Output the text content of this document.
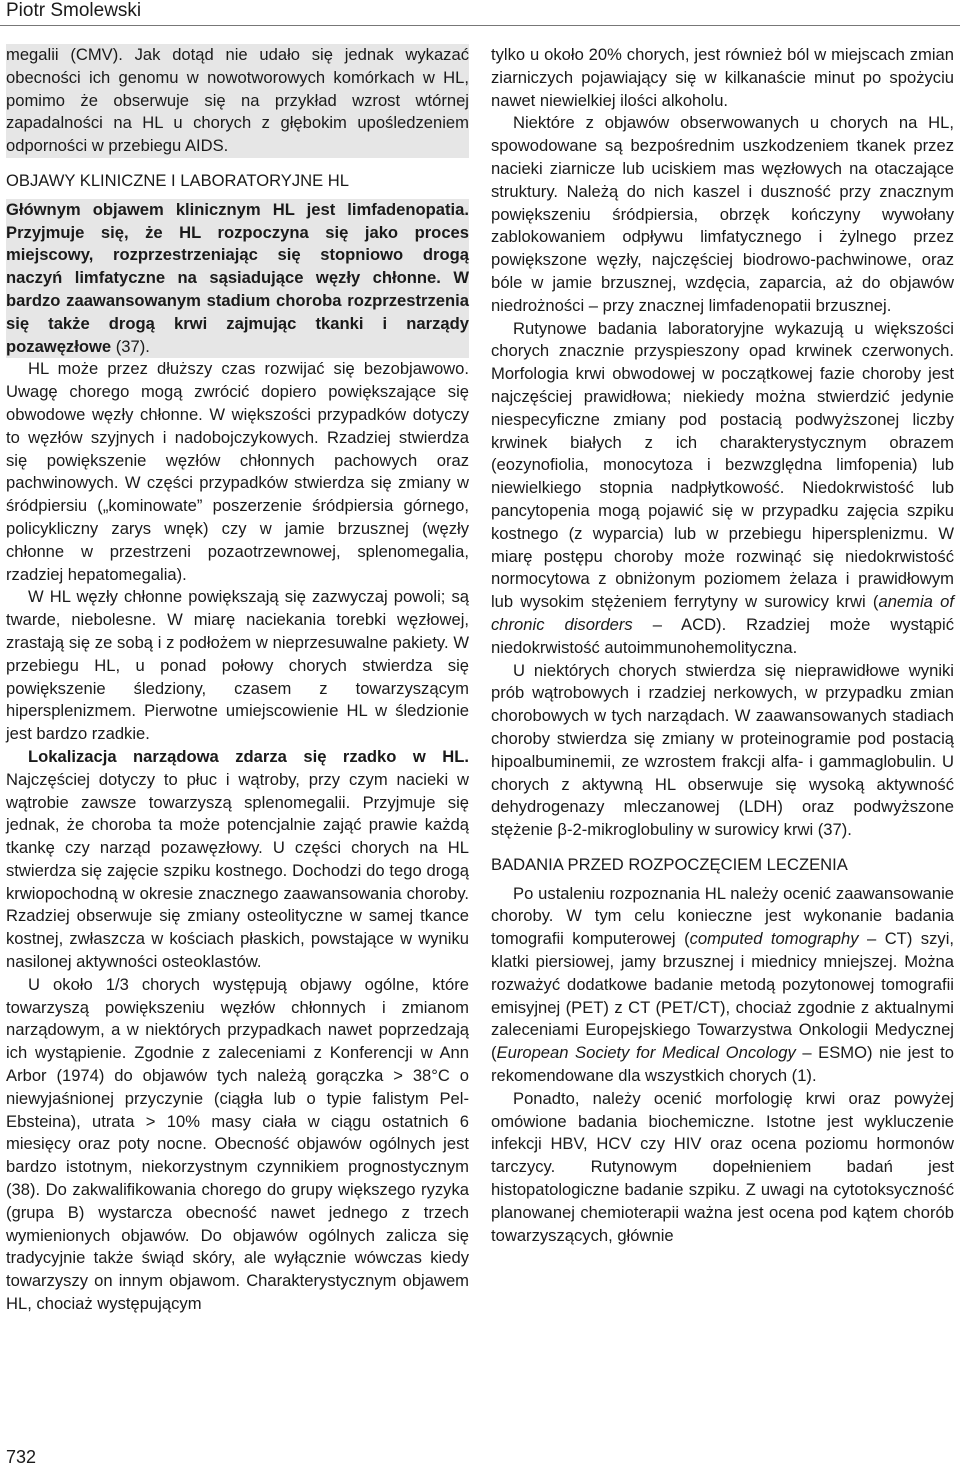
Piotr Smolewski

megalii (CMV). Jak dotąd nie udało się jednak wykazać obecności ich genomu w nowotworowych komórkach w HL, pomimo że obserwuje się na przykład wzrost wtórnej zapadalności na HL u chorych z głębokim upośledzeniem odporności w przebiegu AIDS.

OBJAWY KLINICZNE I LABORATORYJNE HL

Głównym objawem klinicznym HL jest limfadenopatia. Przyjmuje się, że HL rozpoczyna się jako proces miejscowy, rozprzestrzeniając się stopniowo drogą naczyń limfatyczne na sąsiadujące węzły chłonne. W bardzo zaawansowanym stadium choroba rozprzestrzenia się także drogą krwi zajmując tkanki i narządy pozawęzłowe (37).

HL może przez dłuższy czas rozwijać się bezobjawowo. Uwagę chorego mogą zwrócić dopiero powiększające się obwodowe węzły chłonne. W większości przypadków dotyczy to węzłów szyjnych i nadobojczykowych. Rzadziej stwierdza się powiększenie węzłów chłonnych pachowych oraz pachwinowych. W części przypadków stwierdza się zmiany w śródpiersiu („kominowate” poszerzenie śródpiersia górnego, policykliczny zarys wnęk) czy w jamie brzusznej (węzły chłonne w przestrzeni pozaotrzewnowej, splenomegalia, rzadziej hepatomegalia).

W HL węzły chłonne powiększają się zazwyczaj powoli; są twarde, niebolesne. W miarę naciekania torebki węzłowej, zrastają się ze sobą i z podłożem w nieprzesuwalne pakiety. W przebiegu HL, u ponad połowy chorych stwierdza się powiększenie śledziony, czasem z towarzyszącym hipersplenizmem. Pierwotne umiejscowienie HL w śledzionie jest bardzo rzadkie.

Lokalizacja narządowa zdarza się rzadko w HL. Najczęściej dotyczy to płuc i wątroby, przy czym nacieki w wątrobie zawsze towarzyszą splenomegalii. Przyjmuje się jednak, że choroba ta może potencjalnie zająć prawie każdą tkankę czy narząd pozawęzłowy. U części chorych na HL stwierdza się zajęcie szpiku kostnego. Dochodzi do tego drogą krwiopochodną w okresie znacznego zaawansowania choroby. Rzadziej obserwuje się zmiany osteolityczne w samej tkance kostnej, zwłaszcza w kościach płaskich, powstające w wyniku nasilonej aktywności osteoklastów.

U około 1/3 chorych występują objawy ogólne, które towarzyszą powiększeniu węzłów chłonnych i zmianom narządowym, a w niektórych przypadkach nawet poprzedzają ich wystąpienie. Zgodnie z zaleceniami z Konferencji w Ann Arbor (1974) do objawów tych należą gorączka > 38°C o niewyjaśnionej przyczynie (ciągła lub o typie falistym Pel-Ebsteina), utrata > 10% masy ciała w ciągu ostatnich 6 miesięcy oraz poty nocne. Obecność objawów ogólnych jest bardzo istotnym, niekorzystnym czynnikiem prognostycznym (38). Do zakwalifikowania chorego do grupy większego ryzyka (grupa B) wystarcza obecność nawet jednego z trzech wymienionych objawów. Do objawów ogólnych zalicza się tradycyjnie także świąd skóry, ale wyłącznie wówczas kiedy towarzyszy on innym objawom. Charakterystycznym objawem HL, chociaż występującym

tylko u około 20% chorych, jest również ból w miejscach zmian ziarniczych pojawiający się w kilkanaście minut po spożyciu nawet niewielkiej ilości alkoholu.

Niektóre z objawów obserwowanych u chorych na HL, spowodowane są bezpośrednim uszkodzeniem tkanek przez nacieki ziarnicze lub uciskiem mas węzłowych na otaczające struktury. Należą do nich kaszel i duszność przy znacznym powiększeniu śródpiersia, obrzęk kończyny wywołany zablokowaniem odpływu limfatycznego i żylnego przez powiększone węzły, najczęściej biodrowo-pachwinowe, oraz bóle w jamie brzusznej, wzdęcia, zaparcia, aż do objawów niedrożności – przy znacznej limfadenopatii brzusznej.

Rutynowe badania laboratoryjne wykazują u większości chorych znacznie przyspieszony opad krwinek czerwonych. Morfologia krwi obwodowej w początkowej fazie choroby jest najczęściej prawidłowa; niekiedy można stwierdzić jedynie niespecyficzne zmiany pod postacią podwyższonej liczby krwinek białych z ich charakterystycznym obrazem (eozynofiolia, monocytoza i bezwzględna limfopenia) lub niewielkiego stopnia nadpłytkowość. Niedokrwistość lub pancytopenia mogą pojawić się w przypadku zajęcia szpiku kostnego (z wyparcia) lub w przebiegu hipersplenizmu. W miarę postępu choroby może rozwinąć się niedokrwistość normocytowa z obniżonym poziomem żelaza i prawidłowym lub wysokim stężeniem ferrytyny w surowicy krwi (anemia of chronic disorders – ACD). Rzadziej może wystąpić niedokrwistość autoimmunohemolityczna.

U niektórych chorych stwierdza się nieprawidłowe wyniki prób wątrobowych i rzadziej nerkowych, w przypadku zmian chorobowych w tych narządach. W zaawansowanych stadiach choroby stwierdza się zmiany w proteinogramie pod postacią hipoalbuminemii, ze wzrostem frakcji alfa- i gammaglobulin. U chorych z aktywną HL obserwuje się wysoką aktywność dehydrogenazy mleczanowej (LDH) oraz podwyższone stężenie β-2-mikroglobuliny w surowicy krwi (37).

BADANIA PRZED ROZPOCZĘCIEM LECZENIA

Po ustaleniu rozpoznania HL należy ocenić zaawansowanie choroby. W tym celu konieczne jest wykonanie badania tomografii komputerowej (computed tomography – CT) szyi, klatki piersiowej, jamy brzusznej i miednicy mniejszej. Można rozważyć dodatkowe badanie metodą pozytonowej tomografii emisyjnej (PET) z CT (PET/CT), chociaż zgodnie z aktualnymi zaleceniami Europejskiego Towarzystwa Onkologii Medycznej (European Society for Medical Oncology – ESMO) nie jest to rekomendowane dla wszystkich chorych (1).

Ponadto, należy ocenić morfologię krwi oraz powyżej omówione badania biochemiczne. Istotne jest wykluczenie infekcji HBV, HCV czy HIV oraz ocena poziomu hormonów tarczycy. Rutynowym dopełnieniem badań jest histopatologiczne badanie szpiku. Z uwagi na cytotoksyczność planowanej chemioterapii ważna jest ocena pod kątem chorób towarzyszących, głównie

732
